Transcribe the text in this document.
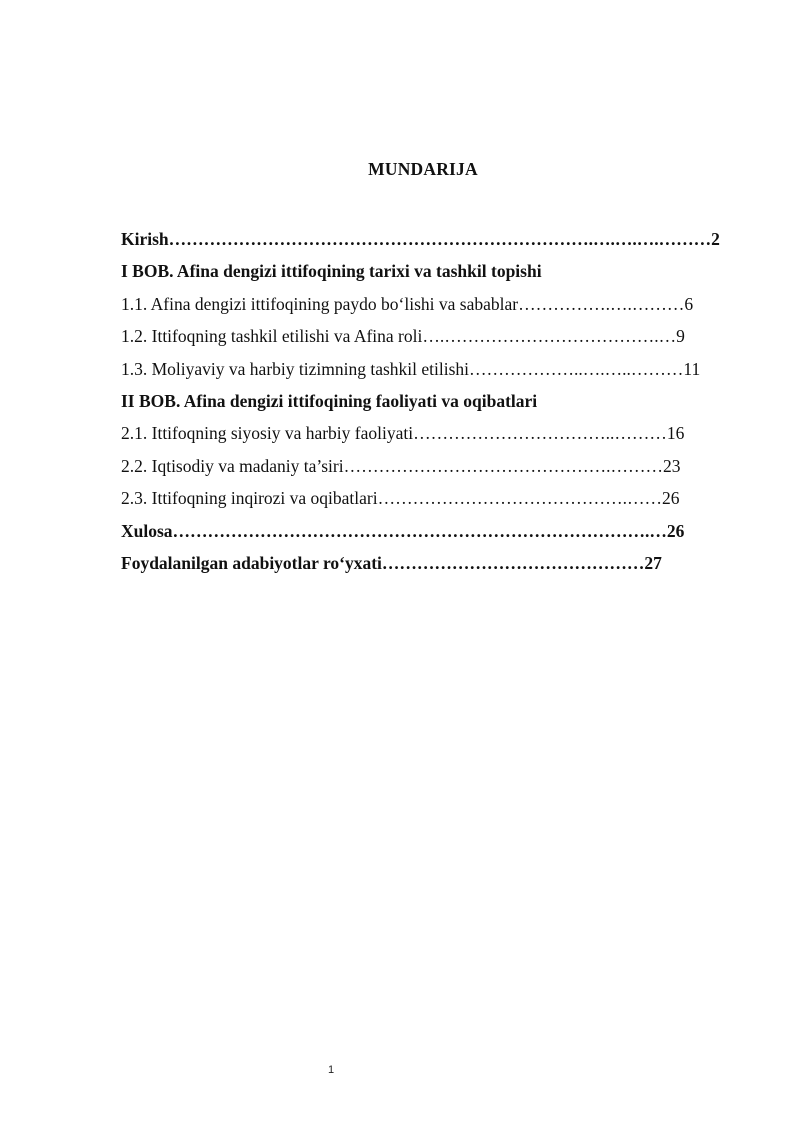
MUNDARIJA
Kirish……………………………………………………………….….….….………2
I BOB. Afina dengizi ittifoqining tarixi va tashkil topishi
1.1. Afina dengizi ittifoqining paydo bo‘lishi va sabablar…………….….………6
1.2. Ittifoqning tashkil etilishi va Afina roli….……………………………….…9
1.3. Moliyaviy va harbiy tizimning tashkil etilishi………………..….…..………11
II BOB. Afina dengizi ittifoqining faoliyati va oqibatlari
2.1. Ittifoqning siyosiy va harbiy faoliyati……………………………..………16
2.2. Iqtisodiy va madaniy ta’siri……………………………………….………23
2.3. Ittifoqning inqirozi va oqibatlari…………………………………….……26
Xulosa……………………………………………………………………….…26
Foydalanilgan adabiyotlar ro‘yxati………………………………………27
1
